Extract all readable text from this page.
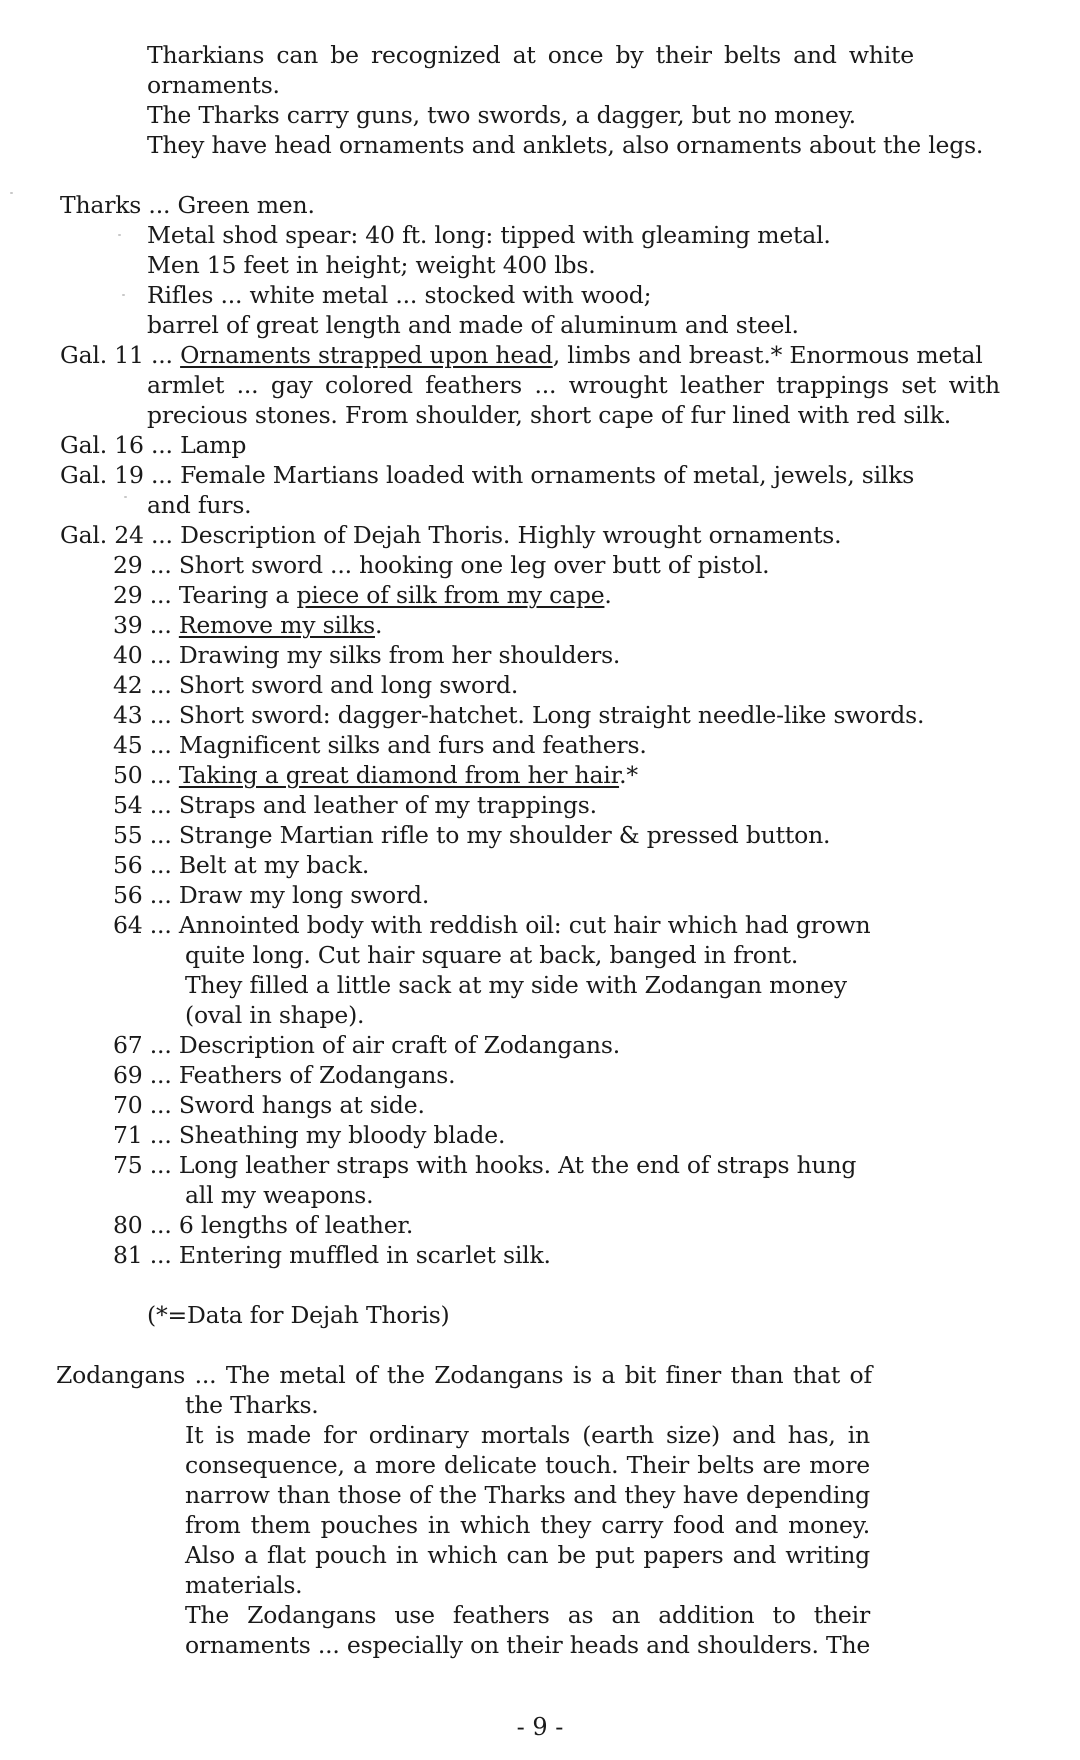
Tharkians can be recognized at once by their belts and white
ornaments.
The Tharks carry guns, two swords, a dagger, but no money.
They have head ornaments and anklets, also ornaments about the legs.
Tharks ... Green men.
Metal shod spear: 40 ft. long: tipped with gleaming metal.
Men 15 feet in height; weight 400 lbs.
Rifles ... white metal ... stocked with wood;
barrel of great length and made of aluminum and steel.
Gal. 11 ... Ornaments strapped upon head, limbs and breast.* Enormous metal
armlet ... gay colored feathers ... wrought leather trappings set with
precious stones. From shoulder, short cape of fur lined with red silk.
Gal. 16 ... Lamp
Gal. 19 ... Female Martians loaded with ornaments of metal, jewels, silks
and furs.
Gal. 24 ... Description of Dejah Thoris. Highly wrought ornaments.
29 ... Short sword ... hooking one leg over butt of pistol.
29 ... Tearing a piece of silk from my cape.
39 ... Remove my silks.
40 ... Drawing my silks from her shoulders.
42 ... Short sword and long sword.
43 ... Short sword: dagger-hatchet. Long straight needle-like swords.
45 ... Magnificent silks and furs and feathers.
50 ... Taking a great diamond from her hair.*
54 ... Straps and leather of my trappings.
55 ... Strange Martian rifle to my shoulder & pressed button.
56 ... Belt at my back.
56 ... Draw my long sword.
64 ... Annointed body with reddish oil: cut hair which had grown
quite long. Cut hair square at back, banged in front.
They filled a little sack at my side with Zodangan money
(oval in shape).
67 ... Description of air craft of Zodangans.
69 ... Feathers of Zodangans.
70 ... Sword hangs at side.
71 ... Sheathing my bloody blade.
75 ... Long leather straps with hooks. At the end of straps hung
all my weapons.
80 ... 6 lengths of leather.
81 ... Entering muffled in scarlet silk.
(*=Data for Dejah Thoris)
Zodangans ... The metal of the Zodangans is a bit finer than that of
the Tharks.
It is made for ordinary mortals (earth size) and has, in
consequence, a more delicate touch. Their belts are more
narrow than those of the Tharks and they have depending
from them pouches in which they carry food and money.
Also a flat pouch in which can be put papers and writing
materials.
The Zodangans use feathers as an addition to their
ornaments ... especially on their heads and shoulders. The
- 9 -
